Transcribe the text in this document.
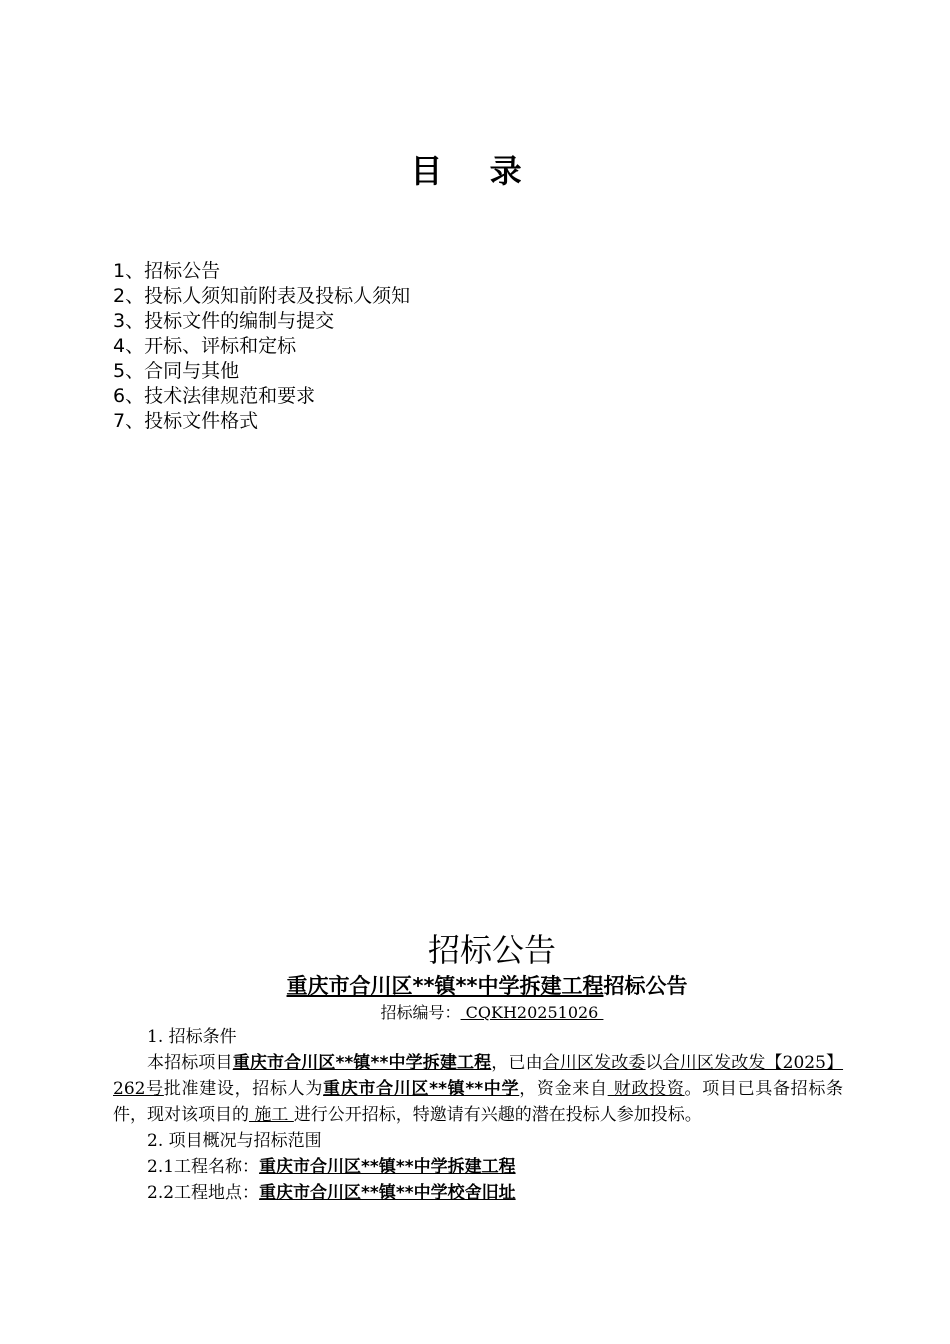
目 录
1、招标公告
2、投标人须知前附表及投标人须知
3、投标文件的编制与提交
4、开标、评标和定标
5、合同与其他
6、技术法律规范和要求
7、投标文件格式
招标公告
重庆市合川区**镇**中学拆建工程招标公告
招标编号： CQKH20251026

1. 招标条件

本招标项目重庆市合川区**镇**中学拆建工程，已由合川区发改委以合川区发改发【2025】262号批准建设，招标人为重庆市合川区**镇**中学，资金来自 财政投资。项目已具备招标条件，现对该项目的 施工 进行公开招标，特邀请有兴趣的潜在投标人参加投标。

2. 项目概况与招标范围

2.1工程名称：重庆市合川区**镇**中学拆建工程

2.2工程地点：重庆市合川区**镇**中学校舍旧址
